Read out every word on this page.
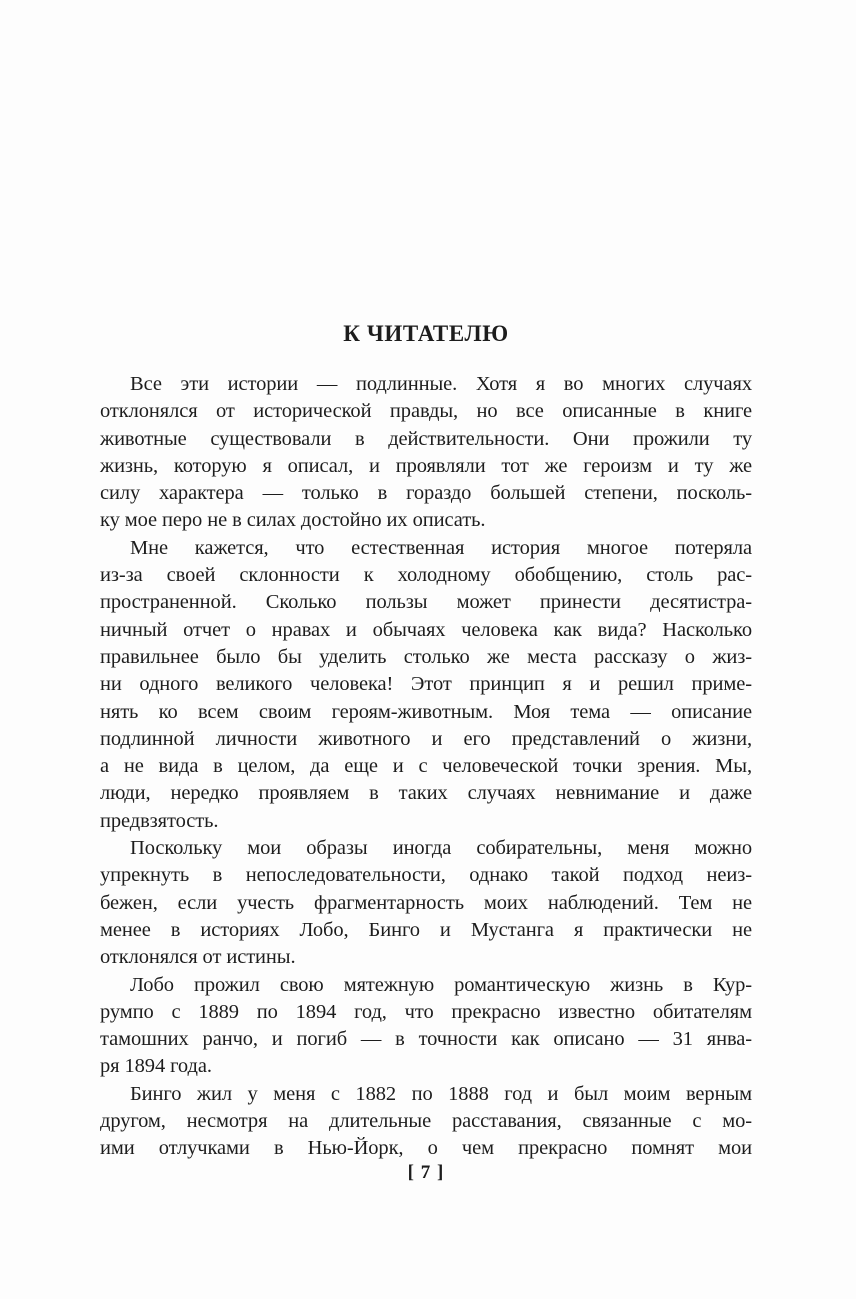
К ЧИТАТЕЛЮ
Все эти истории — подлинные. Хотя я во многих случаях
отклонялся от исторической правды, но все описанные в книге
животные существовали в действительности. Они прожили ту
жизнь, которую я описал, и проявляли тот же героизм и ту же
силу характера — только в гораздо большей степени, посколь-
ку мое перо не в силах достойно их описать.
Мне кажется, что естественная история многое потеряла
из-за своей склонности к холодному обобщению, столь рас-
пространенной. Сколько пользы может принести десятистра-
ничный отчет о нравах и обычаях человека как вида? Насколько
правильнее было бы уделить столько же места рассказу о жиз-
ни одного великого человека! Этот принцип я и решил приме-
нять ко всем своим героям-животным. Моя тема — описание
подлинной личности животного и его представлений о жизни,
а не вида в целом, да еще и с человеческой точки зрения. Мы,
люди, нередко проявляем в таких случаях невнимание и даже
предвзятость.
Поскольку мои образы иногда собирательны, меня можно
упрекнуть в непоследовательности, однако такой подход неиз-
бежен, если учесть фрагментарность моих наблюдений. Тем не
менее в историях Лобо, Бинго и Мустанга я практически не
отклонялся от истины.
Лобо прожил свою мятежную романтическую жизнь в Кур-
румпо с 1889 по 1894 год, что прекрасно известно обитателям
тамошних ранчо, и погиб — в точности как описано — 31 янва-
ря 1894 года.
Бинго жил у меня с 1882 по 1888 год и был моим верным
другом, несмотря на длительные расставания, связанные с мо-
ими отлучками в Нью-Йорк, о чем прекрасно помнят мои
[ 7 ]
